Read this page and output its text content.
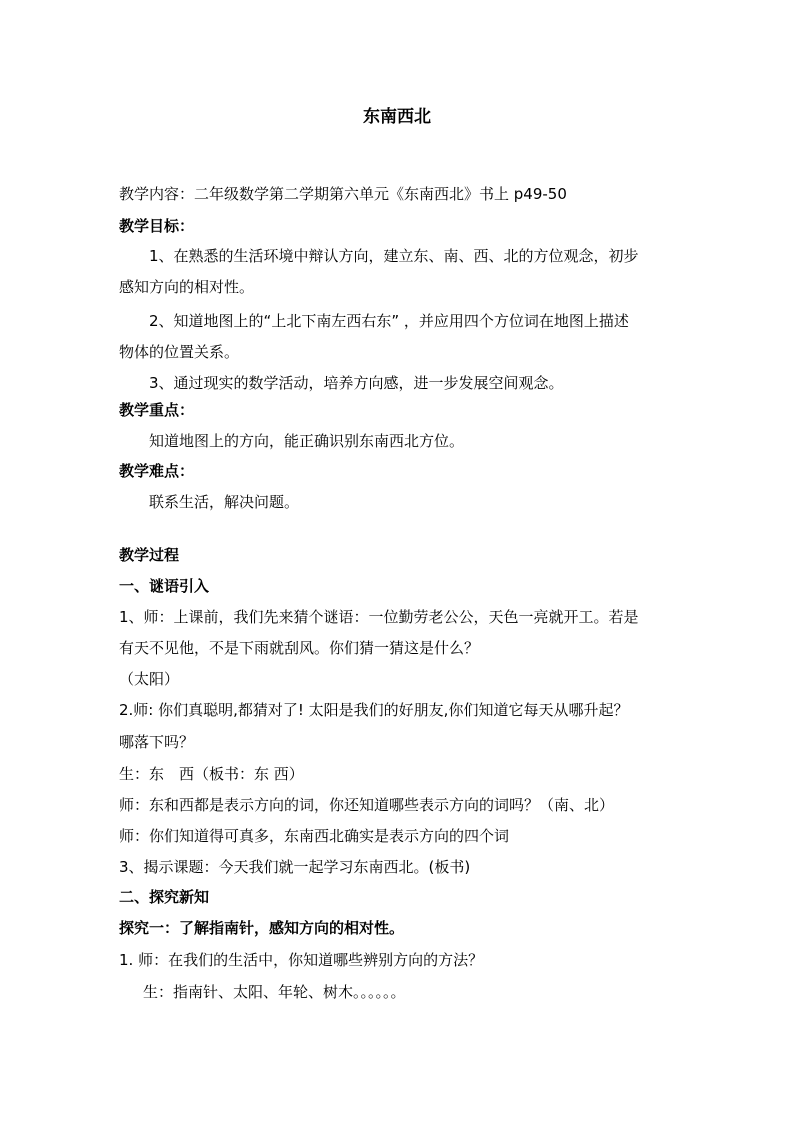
东南西北
教学内容：二年级数学第二学期第六单元《东南西北》书上 p49-50
教学目标：
1、在熟悉的生活环境中辩认方向，建立东、南、西、北的方位观念，初步
感知方向的相对性。
2、知道地图上的“上北下南左西右东” ，并应用四个方位词在地图上描述
物体的位置关系。
3、通过现实的数学活动，培养方向感，进一步发展空间观念。
教学重点：
知道地图上的方向，能正确识别东南西北方位。
教学难点：
联系生活，解决问题。
教学过程
一、谜语引入
1、师：上课前，我们先来猜个谜语：一位勤劳老公公，天色一亮就开工。若是
有天不见他，不是下雨就刮风。你们猜一猜这是什么？
（太阳）
2.师: 你们真聪明,都猜对了! 太阳是我们的好朋友,你们知道它每天从哪升起？
哪落下吗？
生：东　西（板书：东 西）
师：东和西都是表示方向的词，你还知道哪些表示方向的词吗？（南、北）
师：你们知道得可真多，东南西北确实是表示方向的四个词
3、揭示课题：今天我们就一起学习东南西北。(板书)
二、探究新知
探究一：了解指南针，感知方向的相对性。
1. 师：在我们的生活中，你知道哪些辨别方向的方法？
生：指南针、太阳、年轮、树木。。。。。。
